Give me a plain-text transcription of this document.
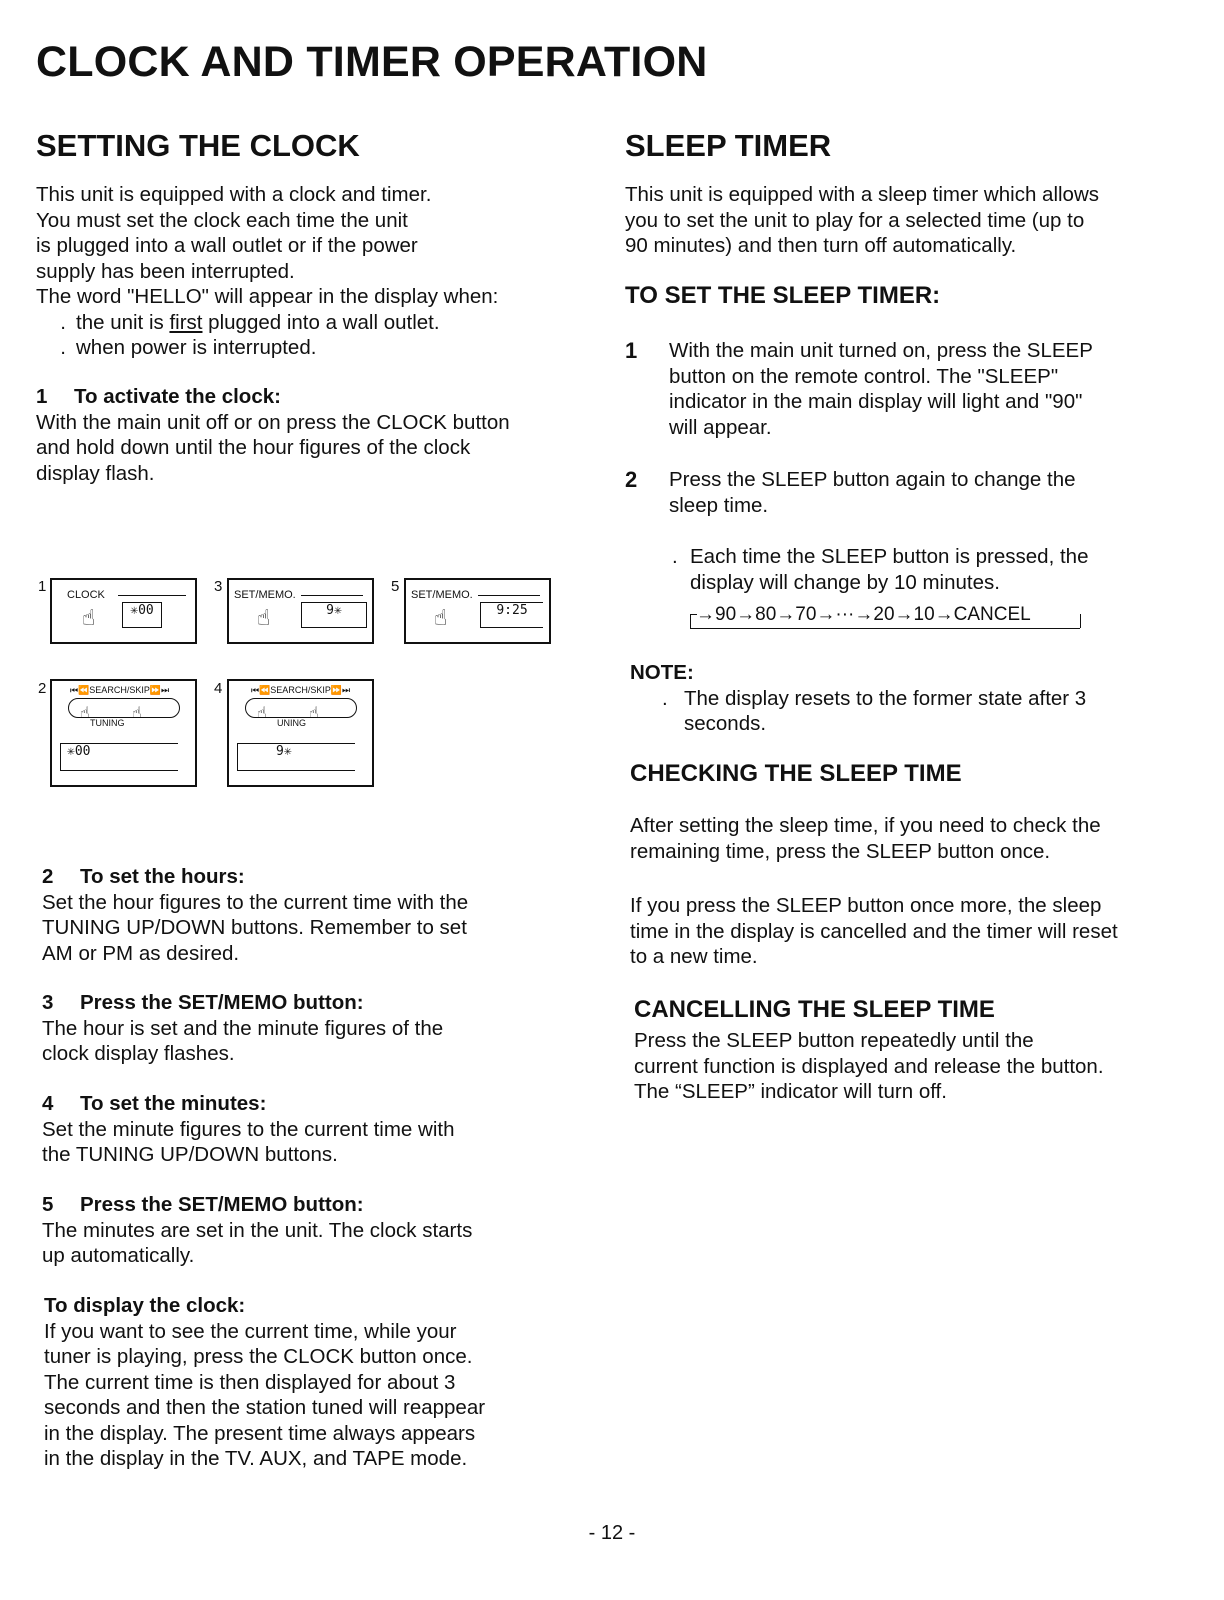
CLOCK AND TIMER OPERATION
SETTING THE CLOCK

This unit is equipped with a clock and timer.

You must set the clock each time the unit

is plugged into a wall outlet or if the power

supply has been interrupted.

The word "HELLO" will appear in the display when:

. the unit is first plugged into a wall outlet.
. when power is interrupted.
1 To activate the clock:

With the main unit off or on press the CLOCK button

and hold down until the hour figures of the clock

display flash.

1 CLOCK
☝	✳00
3 SET/MEMO.
☝	9✳
5 SET/MEMO.
☝	9:25
2	⏮⏪SEARCH/SKIP⏩⏭
TUNING
☝	☝
✳00
4	⏮⏪SEARCH/SKIP⏩⏭
UNING
☝	☝
9✳
2 To set the hours:

Set the hour figures to the current time with the

TUNING UP/DOWN buttons. Remember to set

AM or PM as desired.

3 Press the SET/MEMO button:

The hour is set and the minute figures of the

clock display flashes.

4 To set the minutes:

Set the minute figures to the current time with

the TUNING UP/DOWN buttons.

5 Press the SET/MEMO button:

The minutes are set in the unit. The clock starts

up automatically.

To display the clock:

If you want to see the current time, while your

tuner is playing, press the CLOCK button once.

The current time is then displayed for about 3

seconds and then the station tuned will reappear

in the display. The present time always appears

in the display in the TV. AUX, and TAPE mode.

SLEEP TIMER

This unit is equipped with a sleep timer which allows

you to set the unit to play for a selected time (up to

90 minutes) and then turn off automatically.

TO SET THE SLEEP TIMER:
1	With the main unit turned on, press the SLEEP
button on the remote control. The "SLEEP"
indicator in the main display will light and "90"
will appear.
2	Press the SLEEP button again to change the
sleep time.
. Each time the SLEEP button is pressed, the
display will change by 10 minutes.
→90→80→70→···→20→10→CANCEL
NOTE:
. The display resets to the former state after 3
seconds.
CHECKING THE SLEEP TIME

After setting the sleep time, if you need to check the

remaining time, press the SLEEP button once.

If you press the SLEEP button once more, the sleep

time in the display is cancelled and the timer will reset

to a new time.

CANCELLING THE SLEEP TIME

Press the SLEEP button repeatedly until the

current function is displayed and release the button.

The “SLEEP” indicator will turn off.

- 12 -
